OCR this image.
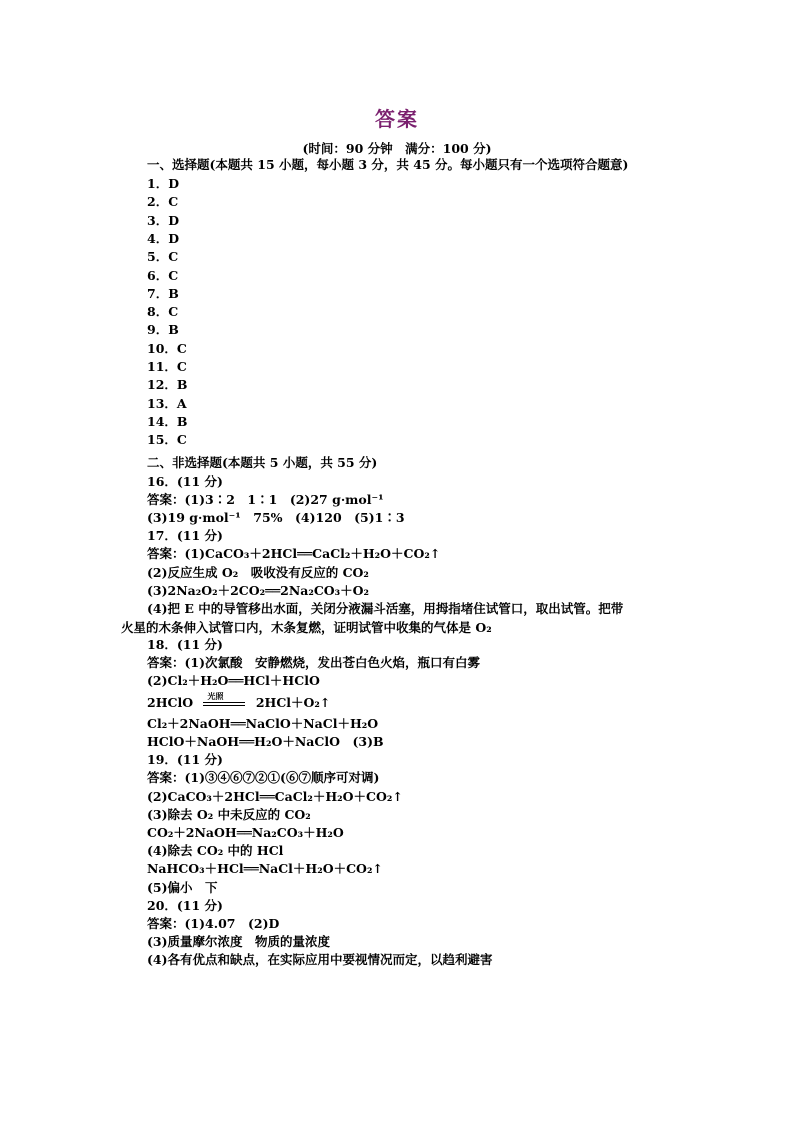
答案
(时间：90 分钟　满分：100 分)
一、选择题(本题共 15 小题，每小题 3 分，共 45 分。每小题只有一个选项符合题意)
1．D
2．C
3．D
4．D
5．C
6．C
7．B
8．C
9．B
10．C
11．C
12．B
13．A
14．B
15．C
二、非选择题(本题共 5 小题，共 55 分)
16．(11 分)
答案：(1)3∶2　1∶1　(2)27 g·mol⁻¹
(3)19 g·mol⁻¹　75%　(4)120　(5)1∶3
17．(11 分)
答案：(1)CaCO₃＋2HCl══CaCl₂＋H₂O＋CO₂↑
(2)反应生成 O₂　吸收没有反应的 CO₂
(3)2Na₂O₂＋2CO₂══2Na₂CO₃＋O₂
(4)把 E 中的导管移出水面，关闭分液漏斗活塞，用拇指堵住试管口，取出试管。把带
火星的木条伸入试管口内，木条复燃，证明试管中收集的气体是 O₂
18．(11 分)
答案：(1)次氯酸　安静燃烧，发出苍白色火焰，瓶口有白雾
(2)Cl₂＋H₂O══HCl＋HClO
2HClO 光照	2HCl＋O₂↑
Cl₂＋2NaOH══NaClO＋NaCl＋H₂O
HClO＋NaOH══H₂O＋NaClO　(3)B
19．(11 分)
答案：(1)③④⑥⑦②①(⑥⑦顺序可对调)
(2)CaCO₃＋2HCl══CaCl₂＋H₂O＋CO₂↑
(3)除去 O₂ 中未反应的 CO₂
CO₂＋2NaOH══Na₂CO₃＋H₂O
(4)除去 CO₂ 中的 HCl
NaHCO₃＋HCl══NaCl＋H₂O＋CO₂↑
(5)偏小　下
20．(11 分)
答案：(1)4.07　(2)D
(3)质量摩尔浓度　物质的量浓度
(4)各有优点和缺点，在实际应用中要视情况而定，以趋利避害
